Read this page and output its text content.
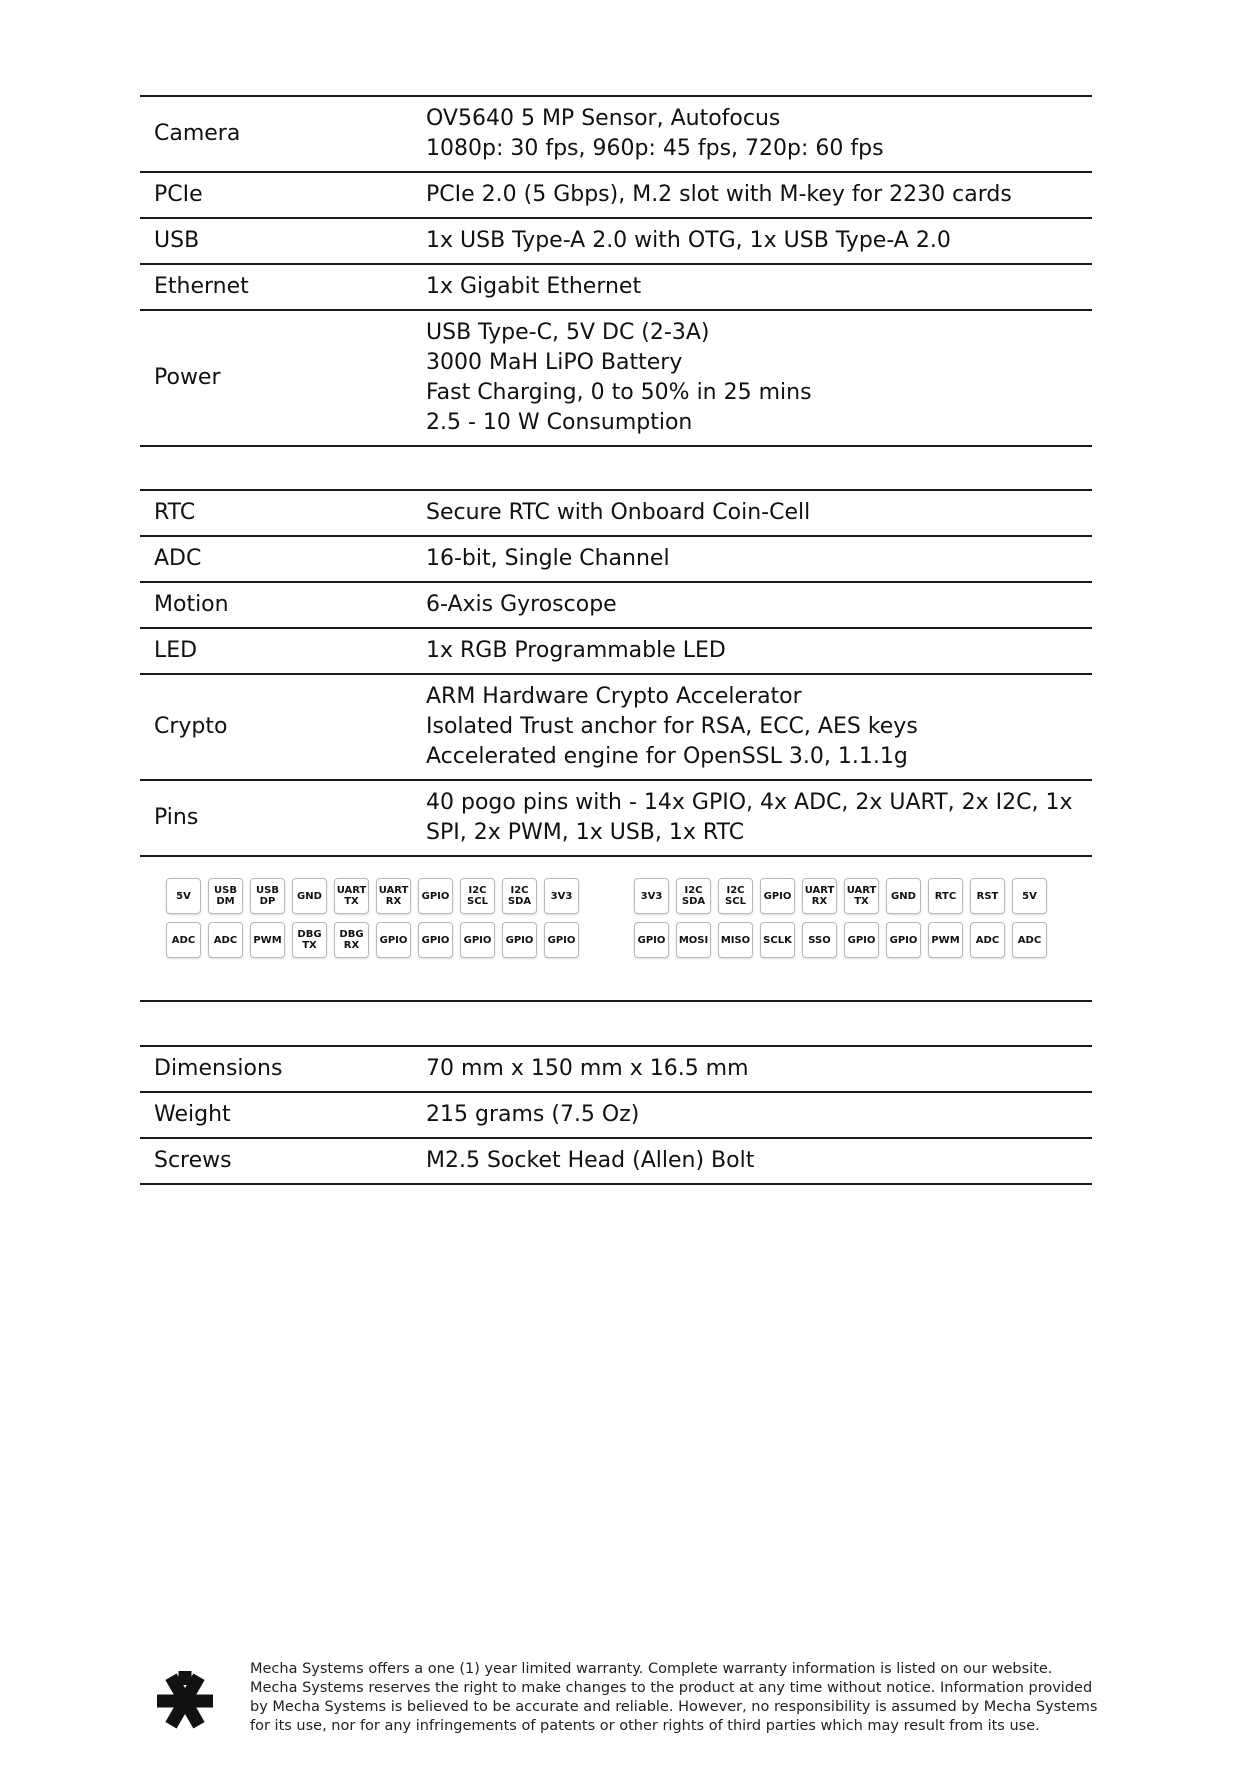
Camera	OV5640 5 MP Sensor, Autofocus
1080p: 30 fps, 960p: 45 fps, 720p: 60 fps

PCIe	PCIe 2.0 (5 Gbps), M.2 slot with M-key for 2230 cards

USB	1x USB Type-A 2.0 with OTG, 1x USB Type-A 2.0

Ethernet	1x Gigabit Ethernet

Power	USB Type-C, 5V DC (2-3A)
3000 MaH LiPO Battery
Fast Charging, 0 to 50% in 25 mins
2.5 - 10 W Consumption
RTC	Secure RTC with Onboard Coin-Cell

ADC	16-bit, Single Channel

Motion	6-Axis Gyroscope

LED	1x RGB Programmable LED

Crypto	ARM Hardware Crypto Accelerator
Isolated Trust anchor for RSA, ECC, AES keys
Accelerated engine for OpenSSL 3.0, 1.1.1g

Pins	40 pogo pins with - 14x GPIO, 4x ADC, 2x UART, 2x I2C, 1x
SPI, 2x PWM, 1x USB, 1x RTC
5V	USB
DM
USB
DP	GND	UART
TX
UART
RX	GPIO	I2C
SCL
I2C
SDA	3V3
ADC	ADC	PWM	DBG
TX
DBG
RX	GPIO	GPIO	GPIO	GPIO	GPIO
3V3	I2C
SDA
I2C
SCL	GPIO	UART
RX
UART
TX	GND	RTC	RST	5V
GPIO	MOSI MISO	SCLK	SSO	GPIO	GPIO	PWM	ADC	ADC
Dimensions	70 mm x 150 mm x 16.5 mm

Weight	215 grams (7.5 Oz)

Screws	M2.5 Socket Head (Allen) Bolt
Mecha Systems offers a one (1) year limited warranty. Complete warranty information is listed on our website.
Mecha Systems reserves the right to make changes to the product at any time without notice. Information provided
by Mecha Systems is believed to be accurate and reliable. However, no responsibility is assumed by Mecha Systems
for its use, nor for any infringements of patents or other rights of third parties which may result from its use.
